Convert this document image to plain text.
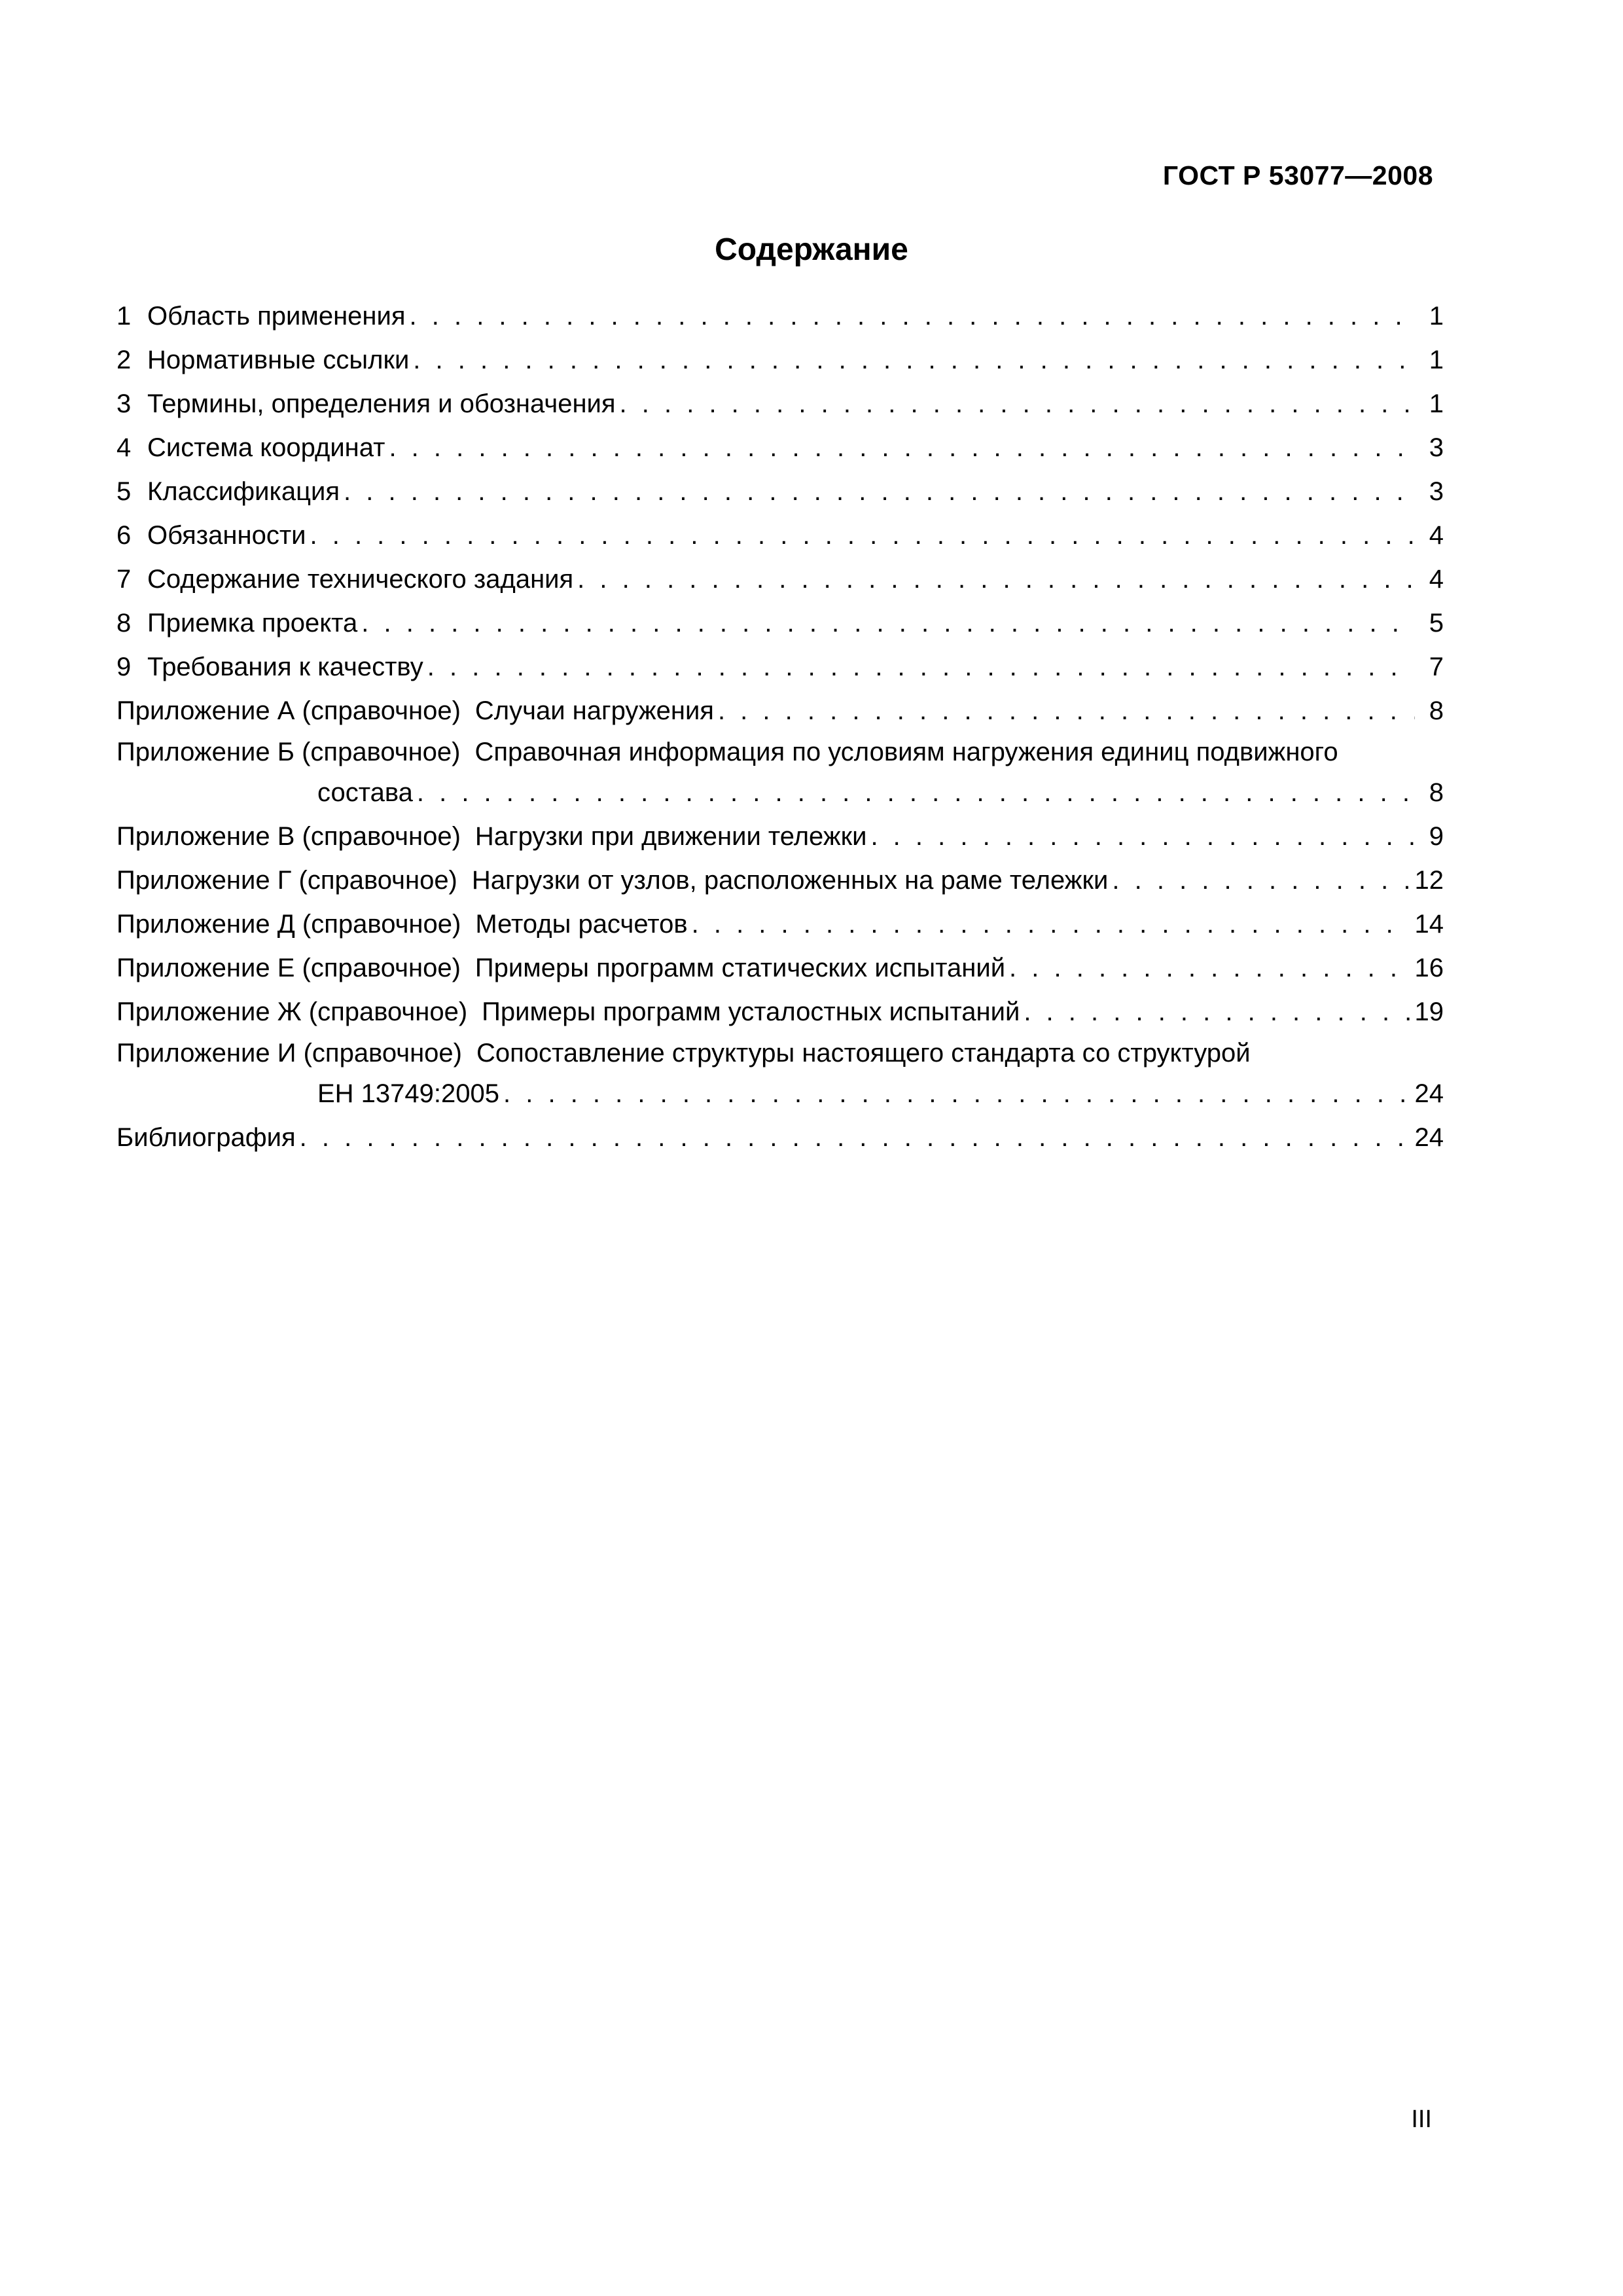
ГОСТ Р 53077—2008
Содержание
1 Область применения . . .	1
2 Нормативные ссылки . . .	1
3 Термины, определения и обозначения . . .	1
4 Система координат . . .	3
5 Классификация . . .	3
6 Обязанности . . .	4
7 Содержание технического задания . . .	4
8 Приемка проекта . . .	5
9 Требования к качеству . . .	7
Приложение А (справочное) Случаи нагружения . . .	8
Приложение Б (справочное) Справочная информация по условиям нагружения единиц подвижного
состава . . .	8
Приложение В (справочное) Нагрузки при движении тележки . . .	9
Приложение Г (справочное) Нагрузки от узлов, расположенных на раме тележки . . .	12
Приложение Д (справочное) Методы расчетов . . .	14
Приложение Е (справочное) Примеры программ статических испытаний . . .	16
Приложение Ж (справочное) Примеры программ усталостных испытаний . . .	19
Приложение И (справочное) Сопоставление структуры настоящего стандарта со структурой
ЕН 13749:2005 . . .	24
Библиография . . .	24
III
